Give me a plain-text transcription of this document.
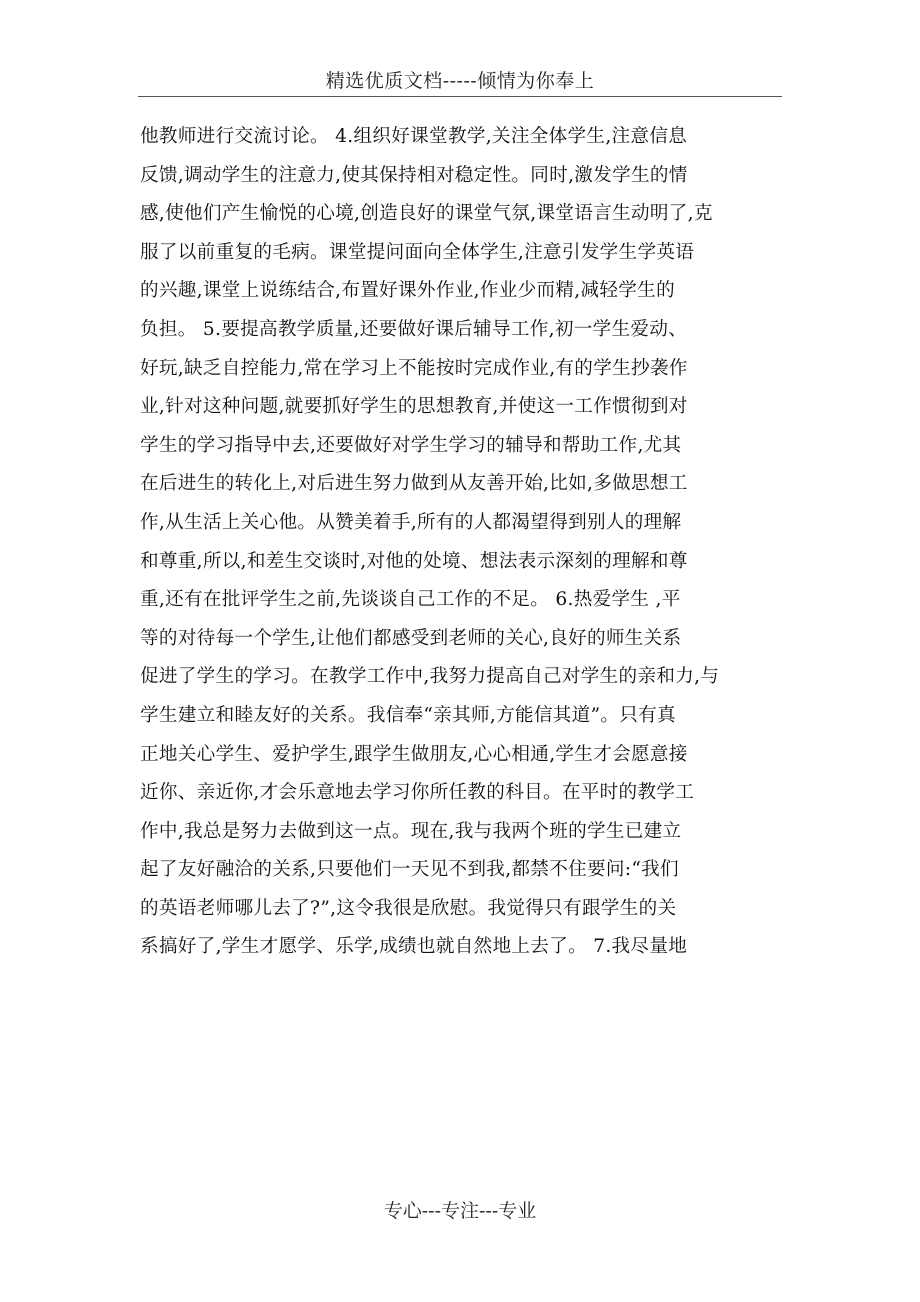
精选优质文档-----倾情为你奉上
他教师进行交流讨论。 4.组织好课堂教学,关注全体学生,注意信息
反馈,调动学生的注意力,使其保持相对稳定性。同时,激发学生的情
感,使他们产生愉悦的心境,创造良好的课堂气氛,课堂语言生动明了,克
服了以前重复的毛病。课堂提问面向全体学生,注意引发学生学英语
的兴趣,课堂上说练结合,布置好课外作业,作业少而精,减轻学生的
负担。 5.要提高教学质量,还要做好课后辅导工作,初一学生爱动、
好玩,缺乏自控能力,常在学习上不能按时完成作业,有的学生抄袭作
业,针对这种问题,就要抓好学生的思想教育,并使这一工作惯彻到对
学生的学习指导中去,还要做好对学生学习的辅导和帮助工作,尤其
在后进生的转化上,对后进生努力做到从友善开始,比如,多做思想工
作,从生活上关心他。从赞美着手,所有的人都渴望得到别人的理解
和尊重,所以,和差生交谈时,对他的处境、想法表示深刻的理解和尊
重,还有在批评学生之前,先谈谈自己工作的不足。 6.热爱学生 ,平
等的对待每一个学生,让他们都感受到老师的关心,良好的师生关系
促进了学生的学习。在教学工作中,我努力提高自己对学生的亲和力,与
学生建立和睦友好的关系。我信奉“亲其师,方能信其道”。只有真
正地关心学生、爱护学生,跟学生做朋友,心心相通,学生才会愿意接
近你、亲近你,才会乐意地去学习你所任教的科目。在平时的教学工
作中,我总是努力去做到这一点。现在,我与我两个班的学生已建立
起了友好融洽的关系,只要他们一天见不到我,都禁不住要问:“我们
的英语老师哪儿去了?”,这令我很是欣慰。我觉得只有跟学生的关
系搞好了,学生才愿学、乐学,成绩也就自然地上去了。 7.我尽量地
专心---专注---专业
